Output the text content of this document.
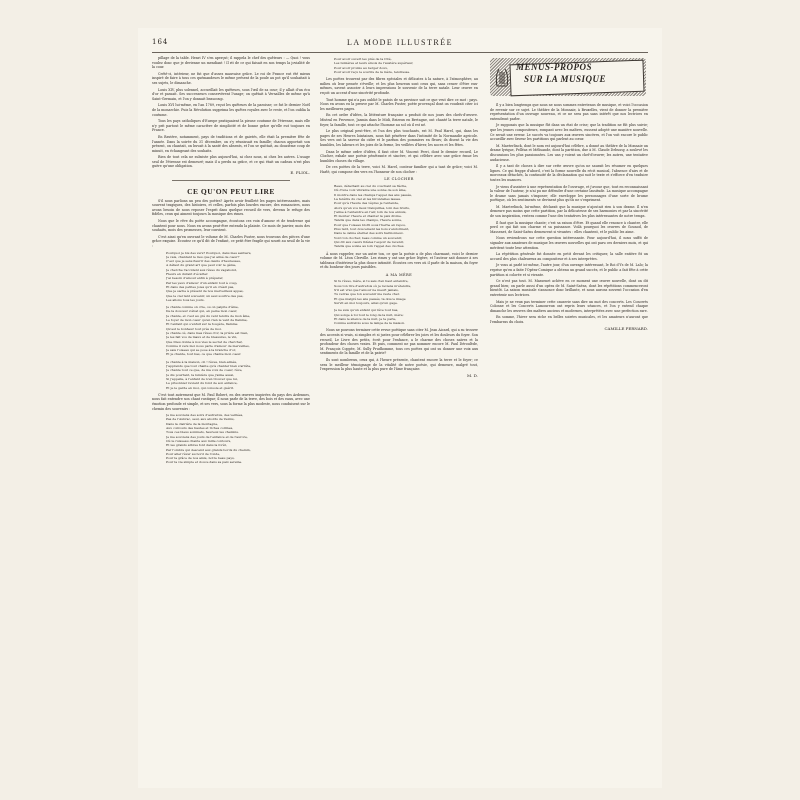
164	LA MODE ILLUSTRÉE

pillage de la table. Henri IV s'en aperçut; il rappela le chef des quêteurs : — Quoi ! vous voulez donc que je devienne un mendiant ! Il rit de ce qui faisait en son temps la jovialité de la cour.

Crété-ci, intérieur, ne fut que d'assez mauvaise grâce. Le roi de France eut été mieux inspiré de faire à tous ces quémandeurs le même présent de la poule au pot qu'il souhaitait à ses sujets, le dimanche.

Louis XIV, plus solennel, accueillait les quêteurs, sous l'œil de sa cour; il y allait d'un écu d'or et passait. Ses successeurs conservèrent l'usage; on quêtait à Versailles de même qu'à Saint-Germain, et l'on y donnait beaucoup.

Louis XVI lui-même, en l'an 1789, reçut les quêteurs de la paroisse; ce fut le dernier Noël de la monarchie. Puis la Révolution supprima les quêtes royales avec le reste, et l'on oublia la coutume.

Tous les pays catholiques d'Europe pratiquaient la pieuse coutume de l'étrenne, mais elle n'y prit partout le même caractère de simplicité et de bonne grâce qu'elle eut toujours en France.

En Bavière, notamment, pays de traditions et de gaietés, elle était la première fête de l'année. Dans la soirée du 31 décembre, on s'y réunissait en famille; chacun apportait son présent, on chantait, on buvait à la santé des absents, et l'on se quittait, au douzième coup de minuit, en échangeant des souhaits.

Rien de tout cela ne subsiste plus aujourd'hui, ni chez nous, ni chez les autres. L'usage seul de l'étrenne est demeuré; mais il a perdu sa grâce, et ce qui était un cadeau n'est plus guère qu'une obligation.

E. PLIOL.
CE QU'ON PEUT LIRE

S'il nous parlions un peu des poètes? Après avoir feuilleté les pages intéressantes, mais souvent tragiques, des histoires, et celles, parfois plus lourdes encore, des romanciers, nous avons besoin de nous reposer l'esprit dans quelque recueil de vers, devenu le refuge des fidèles, ceux qui aiment toujours la musique des rimes.

Nous que le rêve du poète accompagne, écoutons ces voix d'amour et de tendresse qui chantent pour nous. Nous en avons peut-être entendu la plainte. Ce mois de janvier, mois des souhaits, mois des promesses, leur convient.

C'est ainsi qu'en ouvrant le volume de M. Charles Fuster, nous trouvons des pièces d'une grâce exquise. Écoutez ce qu'il dit de l'enfant, ce petit être fragile qui sourit au seuil de la vie :

Pourquoi je bis des vers? Pourquoi, dans mes sentiers,
Je vais, chantant le lieu que j'ai aimé de cœur?
C'est que je sens fleurir des deuils d'heureuses,
A défaut du grand art que peut voir le génie,
Je cherche l'accident aux rêves du vagabond,
Fleurs en durant d'écarter.
J'ai besoin d'amour enfin à préparer,
Par les yeux d'amour d'un enfant tout à coup,
Et dans des petites joies qu'il en créait pas,
Que je sache à présent de nos merveilleux appas,
Que le ciel tant souvenir, un seul sourire des pas,
Les allons tous les jours.
Je chante comme on crie, ou on palpite d'âme,
De la douceur s'ébat qui, en peine mon cœur,
Je chante, et c'est au gré du vent tendre de mon âme,
Le foyer de mon cœur qu'en rien le vent de flamme,
Et l'enfant qui s'enfuit sur la fougère, flamme
Qu'est le bonheur tout près de moi.
Je chante où, dans mes rêves d'or, la prière est bien,
Je les fait vos de maux et de blessures, le vin,
Que Dieu donne à nos vies le secret de chercher,
Comme il vers moi nous parle d'amour de merveilles,
Je sais l'oiseau qui se pose à la branche d'or,
Et je chante, tout bas, ce que chante mon cœur.
Je chante à la maison, oh ! rêves, bien-aimés,
J'apprends que tout chante qu'à chanter bien s'arrête,
Je chante tout ce que, de ma voix de coeur, rêve,
Je dis pourtant, la lumière que j'aime aussi,
Si j'appelle, à l'enfant de n'en trouver que lui,
Le prisonnier revient du fond de son enfance,
Et je le garde en moi, qui console et guérit.

C'est tout autrement que M. Paul Robert, en des œuvres inspirées du pays des Ardennes, nous fait entendre son chant rustique; il nous parle de la terre, des bois et des eaux, avec une émotion profonde et simple, et ses vers, sous la forme la plus modeste, nous conduisent sur le chemin des souvenirs :

Je me souviens des soirs d'autrefois, des veillées,
Pas de l'Aubrac, seul, aux abords de Vezins,
Dans la clairière de la montagne,
Aux contours des hautes et riches collines,
Tous ces bleus sommets, heureux les chemins.
Je me souviens des jours de l'enfance et de l'aurore,
Où le ruisseau chante aux mille contours,
Et les grands arbres font dans la forêt,
Par l'ombre qui descend aux grands bords du chemin,
Pour aller rêver au bord de l'onde,
Pour la grâce de nos amis, notre beau pays,
Pour la vie simple et douce dans sa paix sereine.
Pour avoir ouvert les prés de la Cité,
Les lumières et leurs émois de l'austère supérieur,
Pour avoir promis au berger doux,
Pour avoir reçu le sourire de la mère, tendresse.

Les poètes trouvent par des fibres spéciales et délicates à la nature, à l'atmosphère, au milieu où leur pensée s'éveille; et les plus heureux sont ceux qui, sans cesser d'être eux-mêmes, savent associer à leurs impressions le souvenir de la terre natale. Leur œuvre en reçoit un accent d'une sincérité profonde.

Tout homme qui n'a pas oublié le patois de sa province sait ce que veut dire ce mot : pays. Nous en avons eu la preuve par M. Charles Fuster, poète provençal dont on voudrait citer ici les meilleures pages.

En cet ordre d'idées, la littérature française a produit de nos jours des chefs-d'œuvre. Mistral en Provence, Jasmin dans le Midi, Brizeux en Bretagne, ont chanté la terre natale, le foyer, la famille, tout ce qui attache l'homme au sol où il est né.

Le plus original peut-être, et l'un des plus touchants, est M. Paul Harel, qui, dans les pages de ses Heures lointaines, nous fait pénétrer dans l'intimité de la Normandie agricole. Ses vers ont la saveur du cidre et le parfum des pommiers en fleurs; ils disent la vie des humbles, les labeurs et les joies de la ferme, les veillées d'hiver, les noces et les fêtes.

Dans le même ordre d'idées, il faut citer M. Vincent Ferri, dont le dernier recueil, Le Clocher, exhale une poésie pénétrante et sincère, et qui célèbre avec une grâce émue les humbles choses du village.

De ces poètes de la terre, voici M. Harel, conteur familier qui a tant de grâce; voici M. Harlé, qui compose des vers en l'honneur de son clocher :

LE CLOCHER
Beau, détachant au ciel du couchant sa flèche,
Où d'une voix vibrante une sonne de son âme,
Il montre dans les champs l'appel des ans passés,
La fenêtre du ciel et les hirondelles lasses.
Pour qu'à l'heure des vêpres je l'entende,
Alors qu'en vos lieux tranquilles, loin des bruits,
J'aime à l'entendre en l'air, loin de nos ennuis,
Et monter l'heure et chanter la paix divine.
Tandis que dans les champs, l'heure sonne,
Pour que l'oiseau blotti sous l'herbe en repos,
Plus tard, tout doucement les bois s'endorment,
Dans le calme éternel des soirs harmonieux.
Voici ton clocher, beau comme un souvenir,
Qui dit aux cœurs fidèles l'espoir de revenir,
Tandis que sonne au loin l'appel des cloches.

À nous rappeler, sur un autre ton, ce que la poésie a de plus charmant, voici le dernier volume de M. Léon Clerville. Les rimes y ont une grâce légère, et l'auteur sait donner à ses tableaux d'intérieur la plus douce intimité. Écoutez ces vers où il parle de la maison, du foyer et du bonheur des jours paisibles.

A MA MÈRE
Si tu rêves, mère, si tu sais d'en haut entendre,
Sous ton rire d'autrefois où je reviens m'étendre,
S'il est vrai que l'amour ne meurt jamais,
Tu verras que ton souvenir me reste cher.
Et que malgré les ans passés, ta douce image
Survit en moi toujours, ainsi qu'un gage.
Je ne suis qu'un enfant qui rêve tout bas,
Qui songe à toi tout le long de la nuit, mère;
Et dans le silence de la nuit, je te parle,
Comme autrefois sous la lampe de la maison.

Nous ne pouvons terminer cette revue poétique sans citer M. Jean Aicard, qui a su trouver des accents si vrais, si simples et si justes pour célébrer les joies et les douleurs du foyer. Son recueil, Le Livre des petits, écrit pour l'enfance, a le charme des choses naïves et la profondeur des choses vraies. Et puis, comment ne pas nommer encore M. Paul Déroulède, M. François Coppée, M. Sully Prudhomme, tous ces poètes qui ont su donner une voix aux sentiments de la famille et de la patrie?

Ils sont nombreux, ceux qui, à l'heure présente, chantent encore la terre et le foyer; ce sera le meilleur témoignage de la vitalité de notre poésie, qui demeure, malgré tout, l'expression la plus haute et la plus pure de l'âme française.

M. D.
MENUS-PROPOS
SUR LA MUSIQUE

Il y a bien longtemps que nous ne nous sommes entretenus de musique, et voici l'occasion de revenir sur ce sujet. Le théâtre de la Monnaie, à Bruxelles, vient de donner la première représentation d'un ouvrage nouveau, et ce ne sera pas sans intérêt que nos lectrices en entendront parler.

Je supposais que la musique fût dans un état de crise; que la tradition ne fût plus suivie; que les jeunes compositeurs, rompant avec les maîtres, eussent adopté une manière nouvelle. Ce serait une erreur. Le succès va toujours aux œuvres sincères, et l'on voit encore le public accueillir avec faveur les partitions qui parlent au cœur.

M. Maeterlinck, dont le nom est aujourd'hui célèbre, a donné au théâtre de la Monnaie un drame lyrique, Pelléas et Mélisande, dont la partition, due à M. Claude Debussy, a soulevé les discussions les plus passionnées. Les uns y voient un chef-d'œuvre; les autres, une tentative audacieuse.

Il y a tant de choses à dire sur cette œuvre qu'on ne saurait les résumer en quelques lignes. Ce qui frappe d'abord, c'est la forme nouvelle du récit musical, l'absence d'airs et de morceaux détachés, la continuité de la déclamation qui suit le texte et s'efforce d'en traduire toutes les nuances.

Je viens d'assister à une représentation de l'ouvrage, et j'avoue que, tout en reconnaissant la valeur de l'auteur, je n'ai pu me défendre d'une certaine lassitude. La musique accompagne le drame sans jamais s'imposer; elle enveloppe les personnages d'une sorte de brume poétique, où les sentiments se devinent plus qu'ils ne s'expriment.

M. Maeterlinck, lui-même, déclarait que la musique n'ajoutait rien à son drame. Il n'en demeure pas moins que cette partition, par la délicatesse de ses harmonies et par la sincérité de son inspiration, restera comme l'une des tentatives les plus intéressantes de notre temps.

Il faut que la musique chante; c'est sa raison d'être. Et quand elle renonce à chanter, elle perd ce qui fait son charme et sa puissance. Voilà pourquoi les œuvres de Gounod, de Massenet, de Saint-Saëns demeurent si vivantes : elles chantent, et le public les aime.

Nous reviendrons sur cette question intéressante. Pour aujourd'hui, il nous suffit de signaler aux amateurs de musique les œuvres nouvelles qui ont paru ces derniers mois, et qui méritent toute leur attention.

La répétition générale fut donnée en petit devant les critiques; la salle entière fit un accueil des plus chaleureux au compositeur et à ses interprètes.

Je vous ai parlé ici-même, l'autre jour, d'un ouvrage intéressant, le Roi d'Ys de M. Lalo; la reprise qu'en a faite l'Opéra-Comique a obtenu un grand succès, et le public a fait fête à cette partition si colorée et si vivante.

Ce n'est pas tout. M. Massenet achève en ce moment une œuvre nouvelle, dont on dit grand bien; on parle aussi d'un opéra de M. Saint-Saëns, dont les répétitions commenceront bientôt. La saison musicale s'annonce donc brillante, et nous aurons souvent l'occasion d'en entretenir nos lectrices.

Mais je ne veux pas terminer cette causerie sans dire un mot des concerts. Les Concerts Colonne et les Concerts Lamoureux ont repris leurs séances, et l'on y entend chaque dimanche les œuvres des maîtres anciens et modernes, interprétées avec une perfection rare.

En somme, l'hiver sera riche en belles soirées musicales, et les amateurs n'auront que l'embarras du choix.

CAMILLE PERNARD.
